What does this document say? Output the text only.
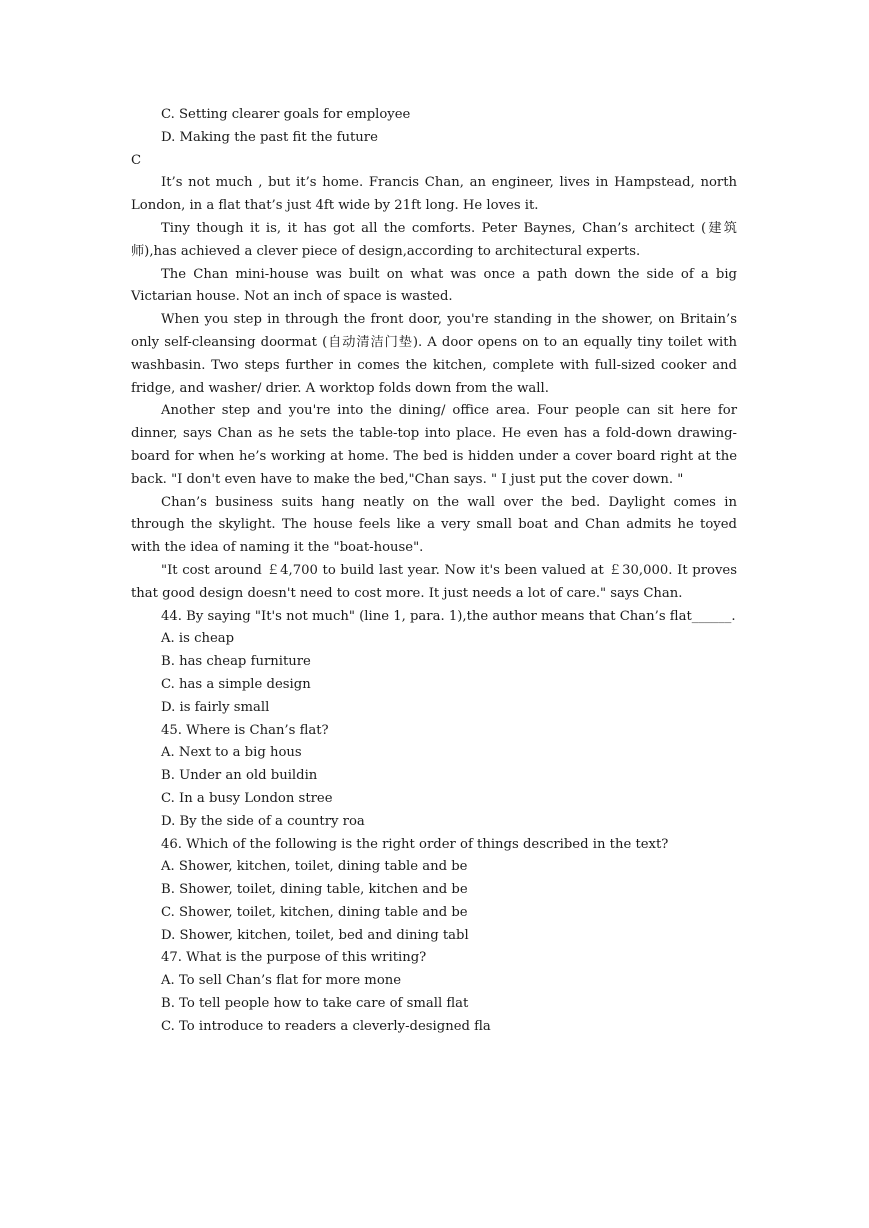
C. Setting clearer goals for employee
D. Making the past fit the future
C

It’s not much , but it’s home. Francis Chan, an engineer, lives in Hampstead, north London, in a flat that’s just 4ft wide by 21ft long. He loves it.

Tiny though it is, it has got all the comforts. Peter Baynes, Chan’s architect (建筑师),has achieved a clever piece of design,according to architectural experts.

The Chan mini-house was built on what was once a path down the side of a big Victarian house. Not an inch of space is wasted.

When you step in through the front door, you're standing in the shower, on Britain’s only self-cleansing doormat (自动清洁门垫). A door opens on to an equally tiny toilet with washbasin. Two steps further in comes the kitchen, complete with full-sized cooker and fridge, and washer/ drier. A worktop folds down from the wall.

Another step and you're into the dining/ office area. Four people can sit here for dinner, says Chan as he sets the table-top into place. He even has a fold-down drawing-board for when he’s working at home. The bed is hidden under a cover board right at the back. "I don't even have to make the bed,"Chan says. " I just put the cover down. "

Chan’s business suits hang neatly on the wall over the bed. Daylight comes in through the skylight. The house feels like a very small boat and Chan admits he toyed with the idea of naming it the "boat-house".

"It cost around ￡4,700 to build last year. Now it's been valued at ￡30,000. It proves that good design doesn't need to cost more. It just needs a lot of care." says Chan.

44. By saying "It's not much" (line 1, para. 1),the author means that Chan’s flat______.

A. is cheap
B. has cheap furniture
C. has a simple design
D. is fairly small
45. Where is Chan’s flat?
A. Next to a big hous
B. Under an old buildin
C. In a busy London stree
D. By the side of a country roa
46. Which of the following is the right order of things described in the text?
A. Shower, kitchen, toilet, dining table and be
B. Shower, toilet, dining table, kitchen and be
C. Shower, toilet, kitchen, dining table and be
D. Shower, kitchen, toilet, bed and dining tabl
47. What is the purpose of this writing?
A. To sell Chan’s flat for more mone
B. To tell people how to take care of small flat
C. To introduce to readers a cleverly-designed fla
